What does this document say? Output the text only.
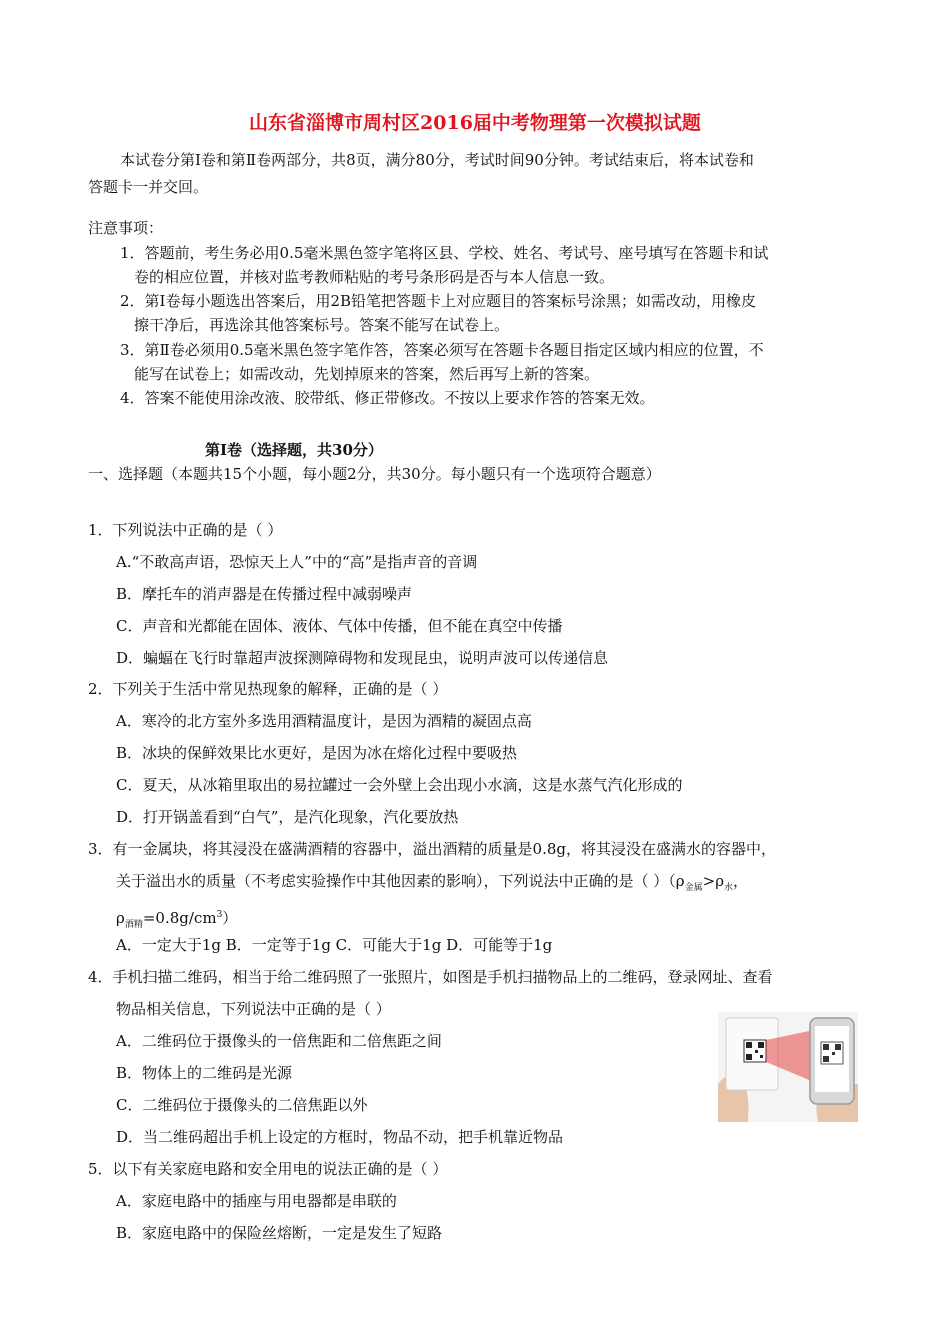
山东省淄博市周村区2016届中考物理第一次模拟试题
本试卷分第Ⅰ卷和第Ⅱ卷两部分，共8页，满分80分，考试时间90分钟。考试结束后，将本试卷和
答题卡一并交回。
注意事项：
1．答题前，考生务必用0.5毫米黑色签字笔将区县、学校、姓名、考试号、座号填写在答题卡和试
卷的相应位置，并核对监考教师粘贴的考号条形码是否与本人信息一致。
2．第Ⅰ卷每小题选出答案后，用2B铅笔把答题卡上对应题目的答案标号涂黑；如需改动，用橡皮
擦干净后，再选涂其他答案标号。答案不能写在试卷上。
3．第Ⅱ卷必须用0.5毫米黑色签字笔作答，答案必须写在答题卡各题目指定区域内相应的位置，不
能写在试卷上；如需改动，先划掉原来的答案，然后再写上新的答案。
4．答案不能使用涂改液、胶带纸、修正带修改。不按以上要求作答的答案无效。
第Ⅰ卷（选择题，共30分）
一、选择题（本题共15个小题，每小题2分，共30分。每小题只有一个选项符合题意）
1．下列说法中正确的是（ ）
A.“不敢高声语，恐惊天上人”中的“高”是指声音的音调
B．摩托车的消声器是在传播过程中减弱噪声
C．声音和光都能在固体、液体、气体中传播，但不能在真空中传播
D．蝙蝠在飞行时靠超声波探测障碍物和发现昆虫，说明声波可以传递信息
2．下列关于生活中常见热现象的解释，正确的是（ ）
A．寒冷的北方室外多选用酒精温度计，是因为酒精的凝固点高
B．冰块的保鲜效果比水更好，是因为冰在熔化过程中要吸热
C．夏天，从冰箱里取出的易拉罐过一会外壁上会出现小水滴，这是水蒸气汽化形成的
D．打开锅盖看到“白气”，是汽化现象，汽化要放热
3．有一金属块，将其浸没在盛满酒精的容器中，溢出酒精的质量是0.8g，将其浸没在盛满水的容器中，
关于溢出水的质量（不考虑实验操作中其他因素的影响），下列说法中正确的是（ ）（$\rho_{金属}>\rho_水$，
$\rho_{酒精}=0.8g/cm^3$）
A．一定大于1g B．一定等于1g C．可能大于1g D．可能等于1g
4．手机扫描二维码，相当于给二维码照了一张照片，如图是手机扫描物品上的二维码，登录网址、查看
物品相关信息，下列说法中正确的是（ ）
A．二维码位于摄像头的一倍焦距和二倍焦距之间
B．物体上的二维码是光源
C．二维码位于摄像头的二倍焦距以外
D．当二维码超出手机上设定的方框时，物品不动，把手机靠近物品
5．以下有关家庭电路和安全用电的说法正确的是（ ）
A．家庭电路中的插座与用电器都是串联的
B．家庭电路中的保险丝熔断，一定是发生了短路
